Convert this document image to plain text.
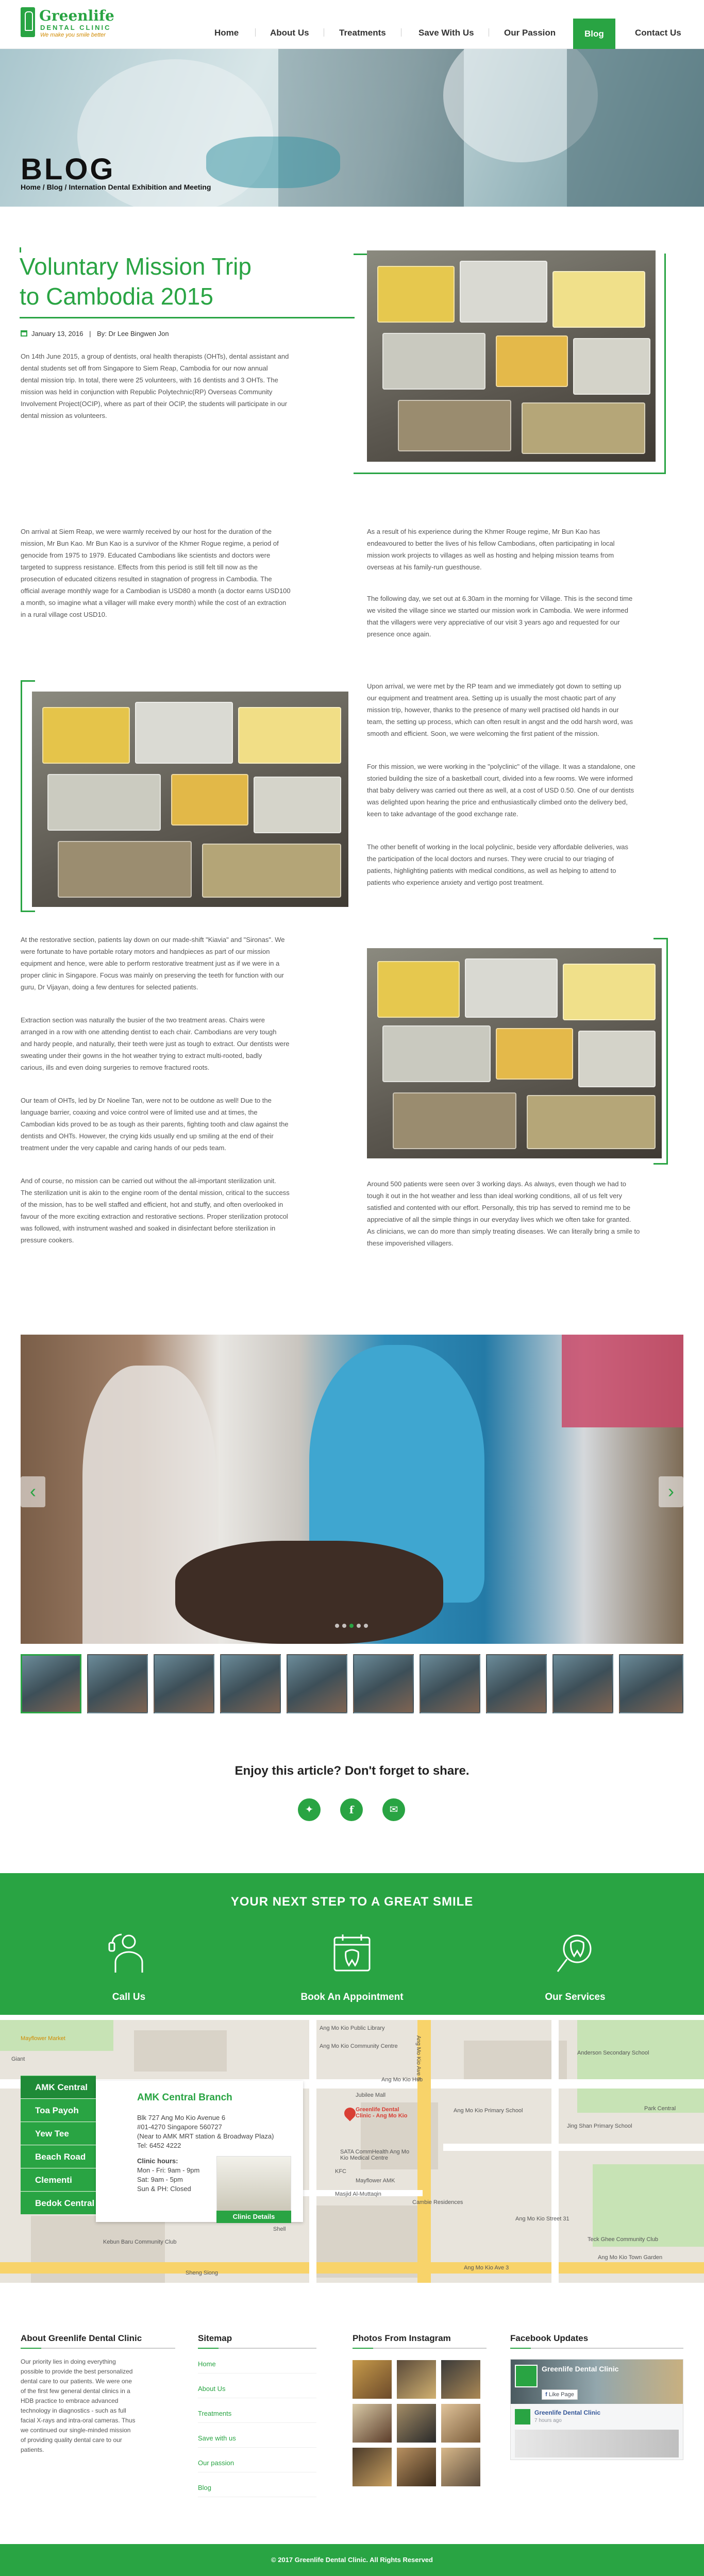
Greenlife
DENTAL CLINIC
We make you smile better	Home	About Us	Treatments	Save With Us	Our Passion	Blog	Contact Us
BLOG
Home / Blog / Internation Dental Exhibition and Meeting
Voluntary Mission Trip
to Cambodia 2015
January 13, 2016 | By: Dr Lee Bingwen Jon
On 14th June 2015, a group of dentists, oral health therapists (OHTs), dental assistant and
dental students set off from Singapore to Siem Reap, Cambodia for our now annual
dental mission trip. In total, there were 25 volunteers, with 16 dentists and 3 OHTs. The
mission was held in conjunction with Republic Polytechnic(RP) Overseas Community
Involvement Project(OCIP), where as part of their OCIP, the students will participate in our
dental mission as volunteers.
On arrival at Siem Reap, we were warmly received by our host for the duration of the
mission, Mr Bun Kao. Mr Bun Kao is a survivor of the Khmer Rogue regime, a period of
genocide from 1975 to 1979. Educated Cambodians like scientists and doctors were
targeted to suppress resistance. Effects from this period is still felt till now as the
prosecution of educated citizens resulted in stagnation of progress in Cambodia. The
official average monthly wage for a Cambodian is USD80 a month (a doctor earns USD100
a month, so imagine what a villager will make every month) while the cost of an extraction
in a rural village cost USD10.
As a result of his experience during the Khmer Rouge regime, Mr Bun Kao has
endeavoured to better the lives of his fellow Cambodians, often participating in local
mission work projects to villages as well as hosting and helping mission teams from
overseas at his family-run guesthouse.
The following day, we set out at 6.30am in the morning for Village. This is the second time
we visited the village since we started our mission work in Cambodia. We were informed
that the villagers were very appreciative of our visit 3 years ago and requested for our
presence once again.
Upon arrival, we were met by the RP team and we immediately got down to setting up
our equipment and treatment area. Setting up is usually the most chaotic part of any
mission trip, however, thanks to the presence of many well practised old hands in our
team, the setting up process, which can often result in angst and the odd harsh word, was
smooth and efficient. Soon, we were welcoming the first patient of the mission.
For this mission, we were working in the "polyclinic" of the village. It was a standalone, one
storied building the size of a basketball court, divided into a few rooms. We were informed
that baby delivery was carried out there as well, at a cost of USD 0.50. One of our dentists
was delighted upon hearing the price and enthusiastically climbed onto the delivery bed,
keen to take advantage of the good exchange rate.
The other benefit of working in the local polyclinic, beside very affordable deliveries, was
the participation of the local doctors and nurses. They were crucial to our triaging of
patients, highlighting patients with medical conditions, as well as helping to attend to
patients who experience anxiety and vertigo post treatment.
At the restorative section, patients lay down on our made-shift "Kiavia" and "Sironas". We
were fortunate to have portable rotary motors and handpieces as part of our mission
equipment and hence, were able to perform restorative treatment just as if we were in a
proper clinic in Singapore. Focus was mainly on preserving the teeth for function with our
guru, Dr Vijayan, doing a few dentures for selected patients.
Extraction section was naturally the busier of the two treatment areas. Chairs were
arranged in a row with one attending dentist to each chair. Cambodians are very tough
and hardy people, and naturally, their teeth were just as tough to extract. Our dentists were
sweating under their gowns in the hot weather trying to extract multi-rooted, badly
carious, ills and even doing surgeries to remove fractured roots.
Our team of OHTs, led by Dr Noeline Tan, were not to be outdone as well! Due to the
language barrier, coaxing and voice control were of limited use and at times, the
Cambodian kids proved to be as tough as their parents, fighting tooth and claw against the
dentists and OHTs. However, the crying kids usually end up smiling at the end of their
treatment under the very capable and caring hands of our peds team.
And of course, no mission can be carried out without the all-important sterilization unit.
The sterilization unit is akin to the engine room of the dental mission, critical to the success
of the mission, has to be well staffed and efficient, hot and stuffy, and often overlooked in
favour of the more exciting extraction and restorative sections. Proper sterilization protocol
was followed, with instrument washed and soaked in disinfectant before sterilization in
pressure cookers.
Around 500 patients were seen over 3 working days. As always, even though we had to
tough it out in the hot weather and less than ideal working conditions, all of us felt very
satisfied and contented with our effort. Personally, this trip has served to remind me to be
appreciative of all the simple things in our everyday lives which we often take for granted.
As clinicians, we can do more than simply treating diseases. We can literally bring a smile to
these impoverished villagers.
‹	›
Enjoy this article? Don't forget to share.
✦	f	✉
YOUR NEXT STEP TO A GREAT SMILE
Call Us	Book An Appointment	Our Services
Mayflower Market
Giant
Ang Mo Kio Public Library
Ang Mo Kio Community Centre
Jubilee Mall
Greenlife Dental Clinic - Ang Mo Kio
Anderson Secondary School
Ang Mo Kio Primary School
Jing Shan Primary School
SATA CommHealth Ang Mo Kio Medical Centre
Mayflower AMK
Masjid Al-Muttaqin
Park Central
KFC
Shell
Sheng Siong
Ang Mo Kio Ave 6
Ang Mo Kio Ave 3
Ang Mo Kio Hub
Kebun Baru Community Club	Teck Ghee Community Club
Cambie Residences
Ang Mo Kio Street 31
Ang Mo Kio Town Garden
AMK Central
Toa Payoh
Yew Tee
Beach Road
Clementi
Bedok Central
AMK Central Branch
Blk 727 Ang Mo Kio Avenue 6
#01-4270 Singapore 560727
(Near to AMK MRT station & Broadway Plaza)
Tel: 6452 4222
Clinic hours:
Mon - Fri: 9am - 9pm
Sat: 9am - 5pm
Sun & PH: Closed
Clinic Details
About Greenlife Dental Clinic
Our priority lies in doing everything
possible to provide the best personalized
dental care to our patients. We were one
of the first few general dental clinics in a
HDB practice to embrace advanced
technology in diagnostics - such as full
facial X-rays and intra-oral cameras. Thus
we continued our single-minded mission
of providing quality dental care to our
patients.
Sitemap
Home
About Us
Treatments
Save with us
Our passion
Blog
Photos From Instagram	Facebook Updates
Greenlife Dental Clinic
f Like Page
Greenlife Dental Clinic
7 hours ago
© 2017 Greenlife Dental Clinic. All Rights Reserved
